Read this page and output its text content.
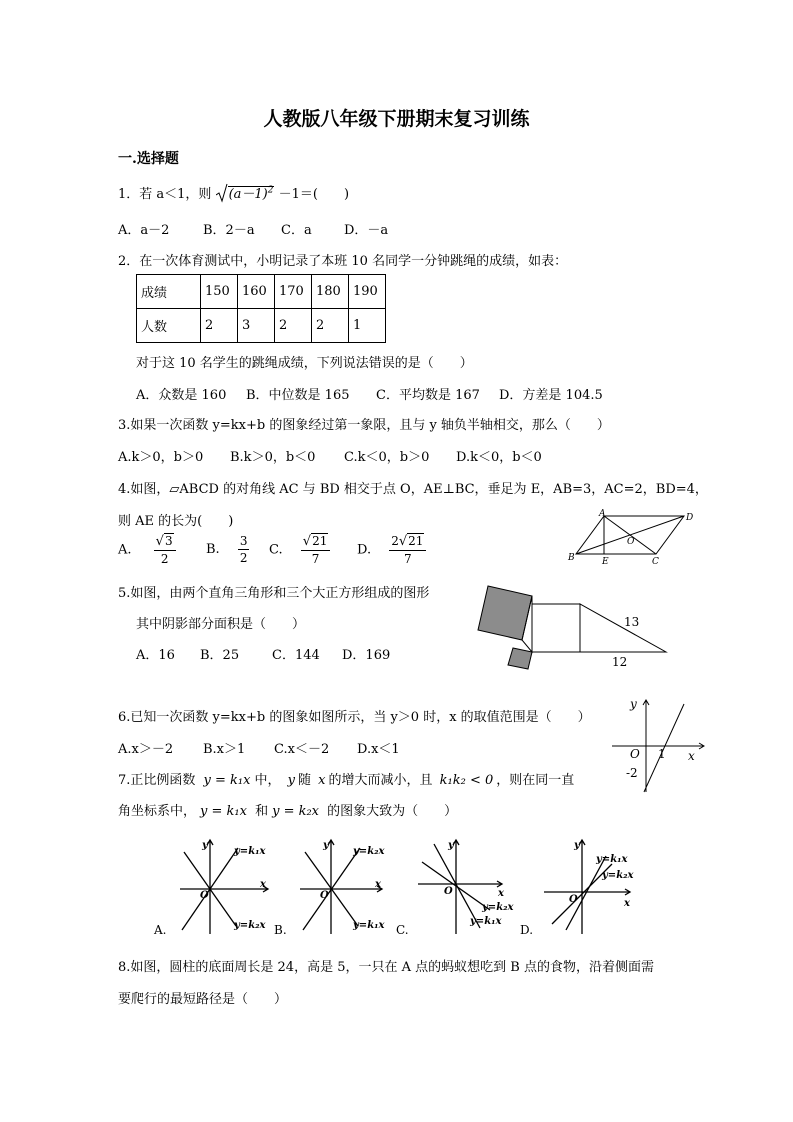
人教版八年级下册期末复习训练
一.选择题
1．若 a＜1，则 $(a-1)^2 -1=$(　　)
A．a－2	B．2－a C．a D．－a
2．在一次体育测试中，小明记录了本班 10 名同学一分钟跳绳的成绩，如表：
成绩	150	160	170	180	190
人数	2	3	2	2	1
对于这 10 名学生的跳绳成绩，下列说法错误的是（　　）
A．众数是 160 B．中位数是 165 C．平均数是 167 D．方差是 104.5
3.如果一次函数 y=kx+b 的图象经过第一象限，且与 y 轴负半轴相交，那么（　　）
A.k＞0，b＞0 B.k＞0，b＜0 C.k＜0，b＞0 D.k＜0，b＜0
4.如图，▱ABCD 的对角线 AC 与 BD 相交于点 O，AE⊥BC，垂足为 E，AB=3，AC=2，BD=4，
则 AE 的长为(　　)
A. $\frac{√3}{2} B$. $\frac{3}{2} C$. $\frac{√21}{7} D$. $\frac{2√21}{7}$
A	D
B	E	C
O
5.如图，由两个直角三角形和三个大正方形组成的图形
其中阴影部分面积是（　　）
A．16 B．25	C．144 D．169
13
12
6.已知一次函数 y=kx+b 的图象如图所示，当 y＞0 时，x 的取值范围是（　　）
A.x＞－2 B.x＞1 C.x＜－2 D.x＜1
y
x
O 1
-2
7.正比例函数 y = k₁x 中， y 随 x 的增大而减小，且 k₁k₂ < 0 ，则在同一直
角坐标系中， y = k₁x 和 y = k₂x 的图象大致为（　　）
y
x
O
y=k₁x
y=k₂x
A.
y
x
O
y=k₂x
y=k₁x
B.
y
x
O
y=k₂x
y=k₁x
C.
y
x
O
y=k₁x
y=k₂x
D.
8.如图，圆柱的底面周长是 24，高是 5，一只在 A 点的蚂蚁想吃到 B 点的食物，沿着侧面需
要爬行的最短路径是（　　）
